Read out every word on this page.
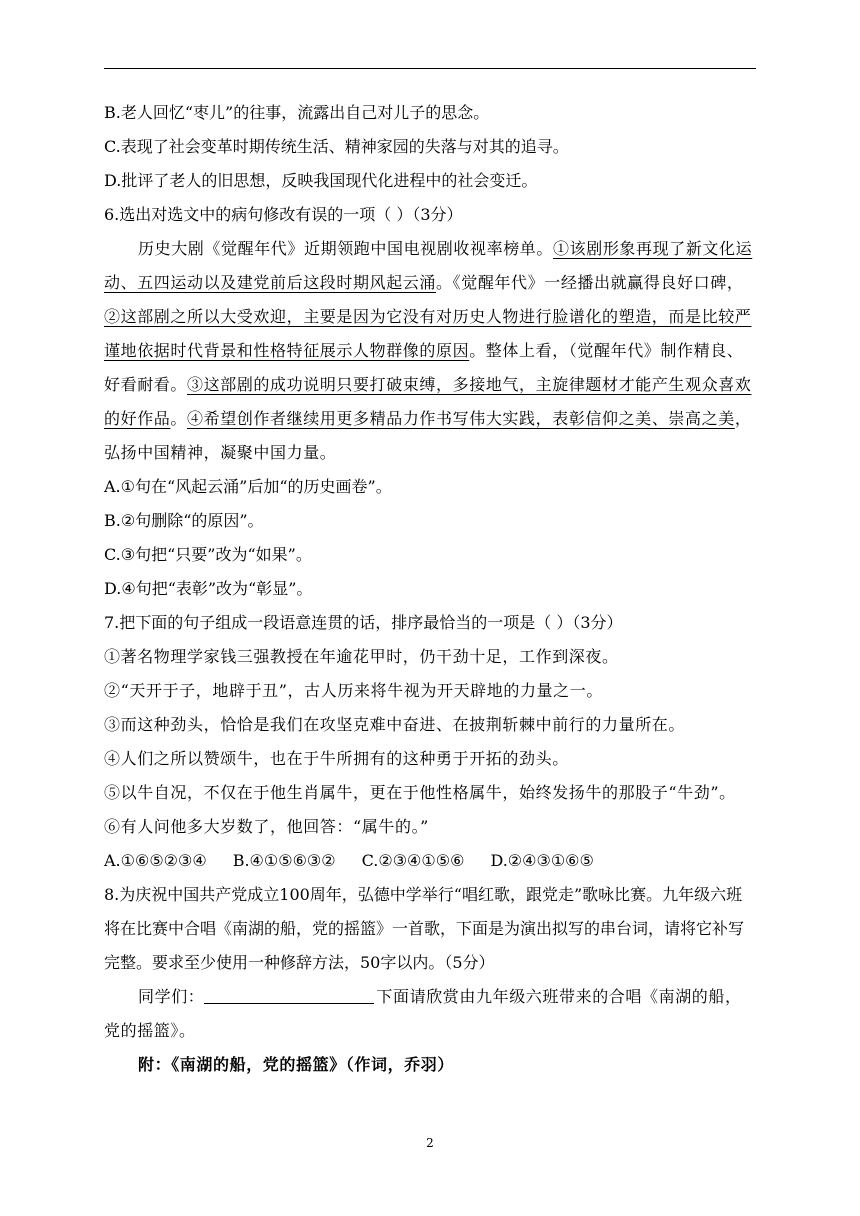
B.老人回忆“枣儿”的往事，流露出自己对儿子的思念。

C.表现了社会变革时期传统生活、精神家园的失落与对其的追寻。

D.批评了老人的旧思想，反映我国现代化进程中的社会变迁。

6.选出对选文中的病句修改有误的一项（ ）（3分）

历史大剧《觉醒年代》近期领跑中国电视剧收视率榜单。①该剧形象再现了新文化运动、五四运动以及建党前后这段时期风起云涌。《觉醒年代》一经播出就赢得良好口碑，②这部剧之所以大受欢迎，主要是因为它没有对历史人物进行脸谱化的塑造，而是比较严谨地依据时代背景和性格特征展示人物群像的原因。整体上看，（觉醒年代》制作精良、好看耐看。③这部剧的成功说明只要打破束缚，多接地气，主旋律题材才能产生观众喜欢的好作品。④希望创作者继续用更多精品力作书写伟大实践，表彰信仰之美、崇高之美，弘扬中国精神，凝聚中国力量。

A.①句在“风起云涌”后加“的历史画卷”。

B.②句删除“的原因”。

C.③句把“只要”改为“如果”。

D.④句把“表彰”改为“彰显”。

7.把下面的句子组成一段语意连贯的话，排序最恰当的一项是（ ）（3分）

①著名物理学家钱三强教授在年逾花甲时，仍干劲十足，工作到深夜。

②“天开于子，地辟于丑”，古人历来将牛视为开天辟地的力量之一。

③而这种劲头，恰恰是我们在攻坚克难中奋进、在披荆斩棘中前行的力量所在。

④人们之所以赞颂牛，也在于牛所拥有的这种勇于开拓的劲头。

⑤以牛自况，不仅在于他生肖属牛，更在于他性格属牛，始终发扬牛的那股子“牛劲”。

⑥有人问他多大岁数了，他回答：“属牛的。”

A.①⑥⑤②③④ B.④①⑤⑥③② C.②③④①⑤⑥ D.②④③①⑥⑤

8.为庆祝中国共产党成立100周年，弘德中学举行“唱红歌，跟党走”歌咏比赛。九年级六班将在比赛中合唱《南湖的船，党的摇篮》一首歌，下面是为演出拟写的串台词，请将它补写完整。要求至少使用一种修辞方法，50字以内。（5分）

同学们：	下面请欣赏由九年级六班带来的合唱《南湖的船，党的摇篮》。

附：《南湖的船，党的摇篮》（作词，乔羽）

2
